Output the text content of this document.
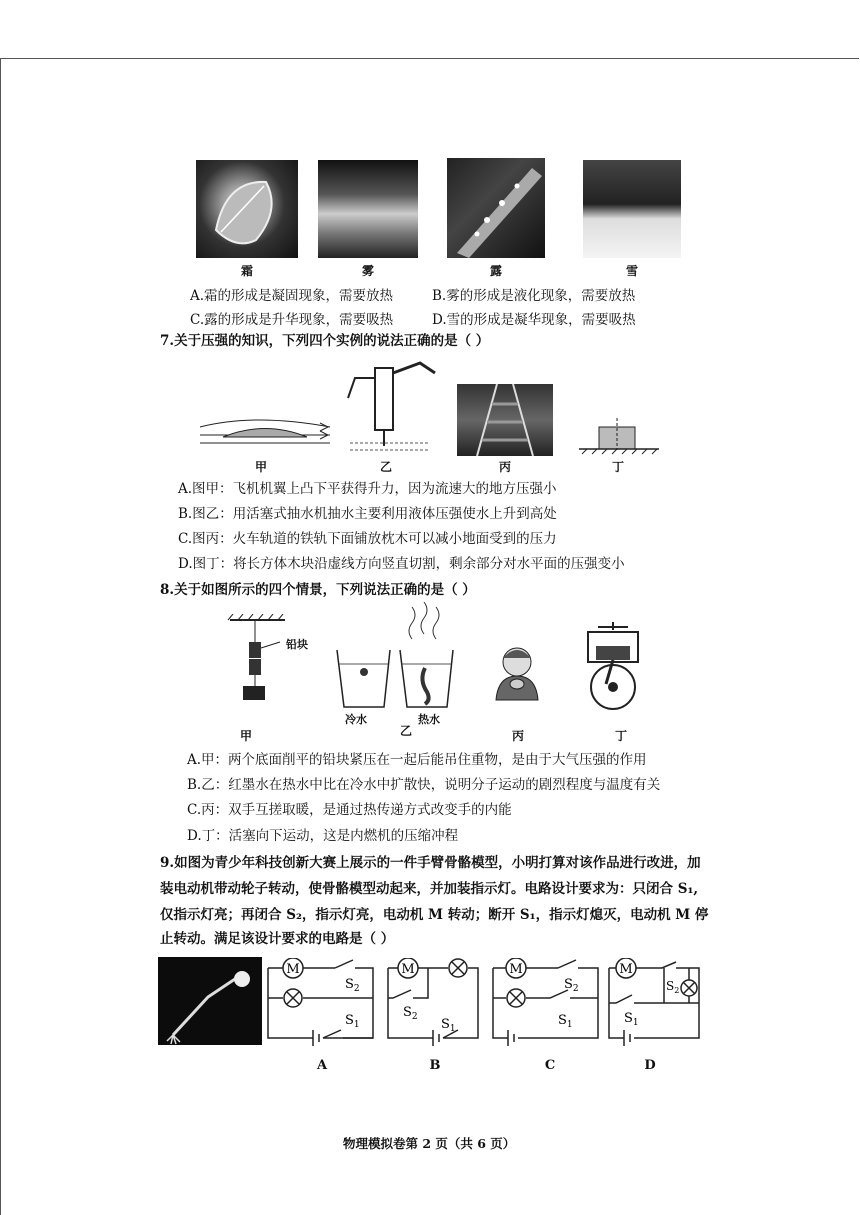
霜	雾	露	雪
A.霜的形成是凝固现象，需要放热	B.雾的形成是液化现象，需要放热
C.露的形成是升华现象，需要吸热	D.雪的形成是凝华现象，需要吸热
7.关于压强的知识，下列四个实例的说法正确的是（ ）
甲	乙	丙	丁
A.图甲：飞机机翼上凸下平获得升力，因为流速大的地方压强小
B.图乙：用活塞式抽水机抽水主要利用液体压强使水上升到高处
C.图丙：火车轨道的铁轨下面铺放枕木可以减小地面受到的压力
D.图丁：将长方体木块沿虚线方向竖直切割，剩余部分对水平面的压强变小
8.关于如图所示的四个情景，下列说法正确的是（ ）
铅块
冷水	热水
甲	乙	丙	丁
A.甲：两个底面削平的铅块紧压在一起后能吊住重物，是由于大气压强的作用
B.乙：红墨水在热水中比在冷水中扩散快，说明分子运动的剧烈程度与温度有关
C.丙：双手互搓取暖，是通过热传递方式改变手的内能
D.丁：活塞向下运动，这是内燃机的压缩冲程
9.如图为青少年科技创新大赛上展示的一件手臂骨骼模型，小明打算对该作品进行改进，加
装电动机带动轮子转动，使骨骼模型动起来，并加装指示灯。电路设计要求为：只闭合 S₁,
仅指示灯亮；再闭合 S₂，指示灯亮，电动机 M 转动；断开 S₁，指示灯熄灭，电动机 M 停
止转动。满足该设计要求的电路是（ ）
M
$S_2$
$S_1$
M
$S_2$ $S_1$
M
$S_2$
$S_1$
M
$S_2$
$S_1$
A	B	C	D
物理模拟卷第 2 页（共 6 页）
